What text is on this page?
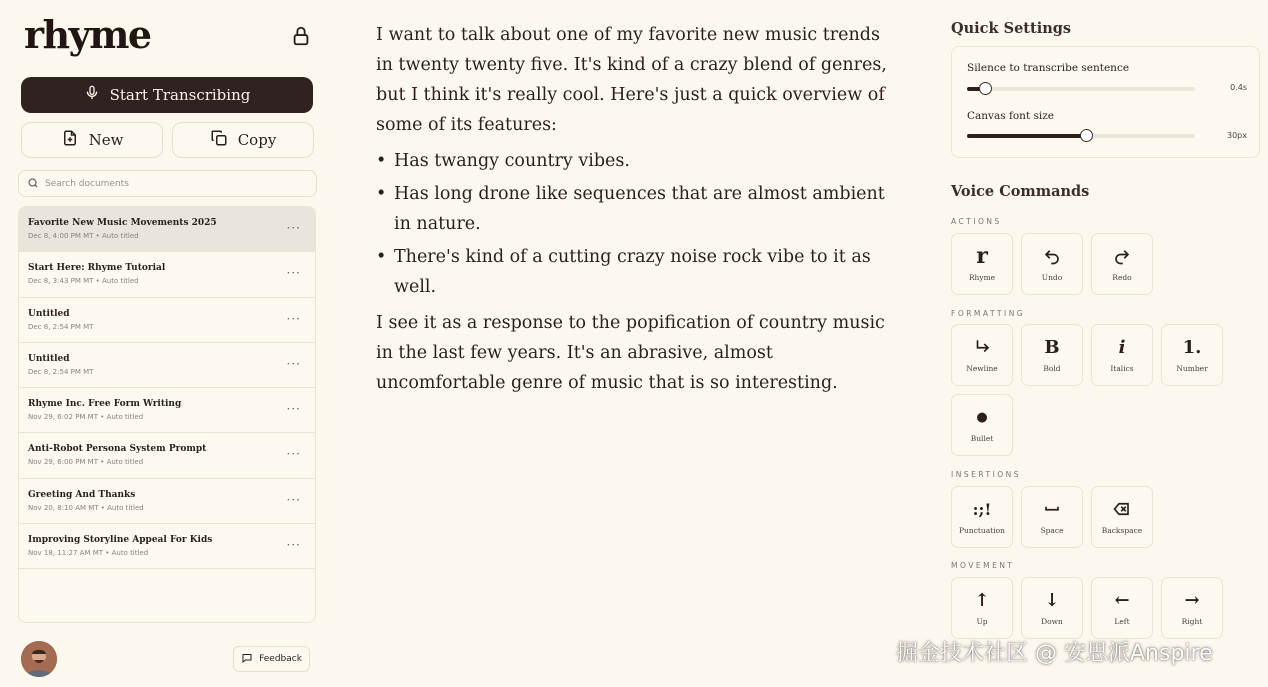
rhyme
Start Transcribing
New	Copy
Search documents
Favorite New Music Movements 2025
Dec 8, 4:00 PM MT • Auto titled
···
Start Here: Rhyme Tutorial
Dec 8, 3:43 PM MT • Auto titled
···
Untitled
Dec 8, 2:54 PM MT
···
Untitled
Dec 8, 2:54 PM MT
···
Rhyme Inc. Free Form Writing
Nov 29, 6:02 PM MT • Auto titled
···
Anti-Robot Persona System Prompt
Nov 29, 6:00 PM MT • Auto titled
···
Greeting And Thanks
Nov 20, 8:10 AM MT • Auto titled
···
Improving Storyline Appeal For Kids
Nov 18, 11:27 AM MT • Auto titled
···
Feedback

I want to talk about one of my favorite new music trends in twenty twenty five. It's kind of a crazy blend of genres, but I think it's really cool. Here's just a quick overview of some of its features:

• Has twangy country vibes.
• Has long drone like sequences that are almost ambient in nature.
• There's kind of a cutting crazy noise rock vibe to it as well.

I see it as a response to the popification of country music in the last few years. It's an abrasive, almost uncomfortable genre of music that is so interesting.

Quick Settings
Silence to transcribe sentence
0.4s
Canvas font size
30px
Voice Commands
ACTIONS
r
Rhyme	Undo	Redo
FORMATTING
Newline
B
Bold
i
Italics
1.
Number
●
Bullet
INSERTIONS
:;!
Punctuation	Space	Backspace
MOVEMENT
↑
Up
↓
Down
←
Left
→
Right
掘金技术社区 @ 安思派Anspire
